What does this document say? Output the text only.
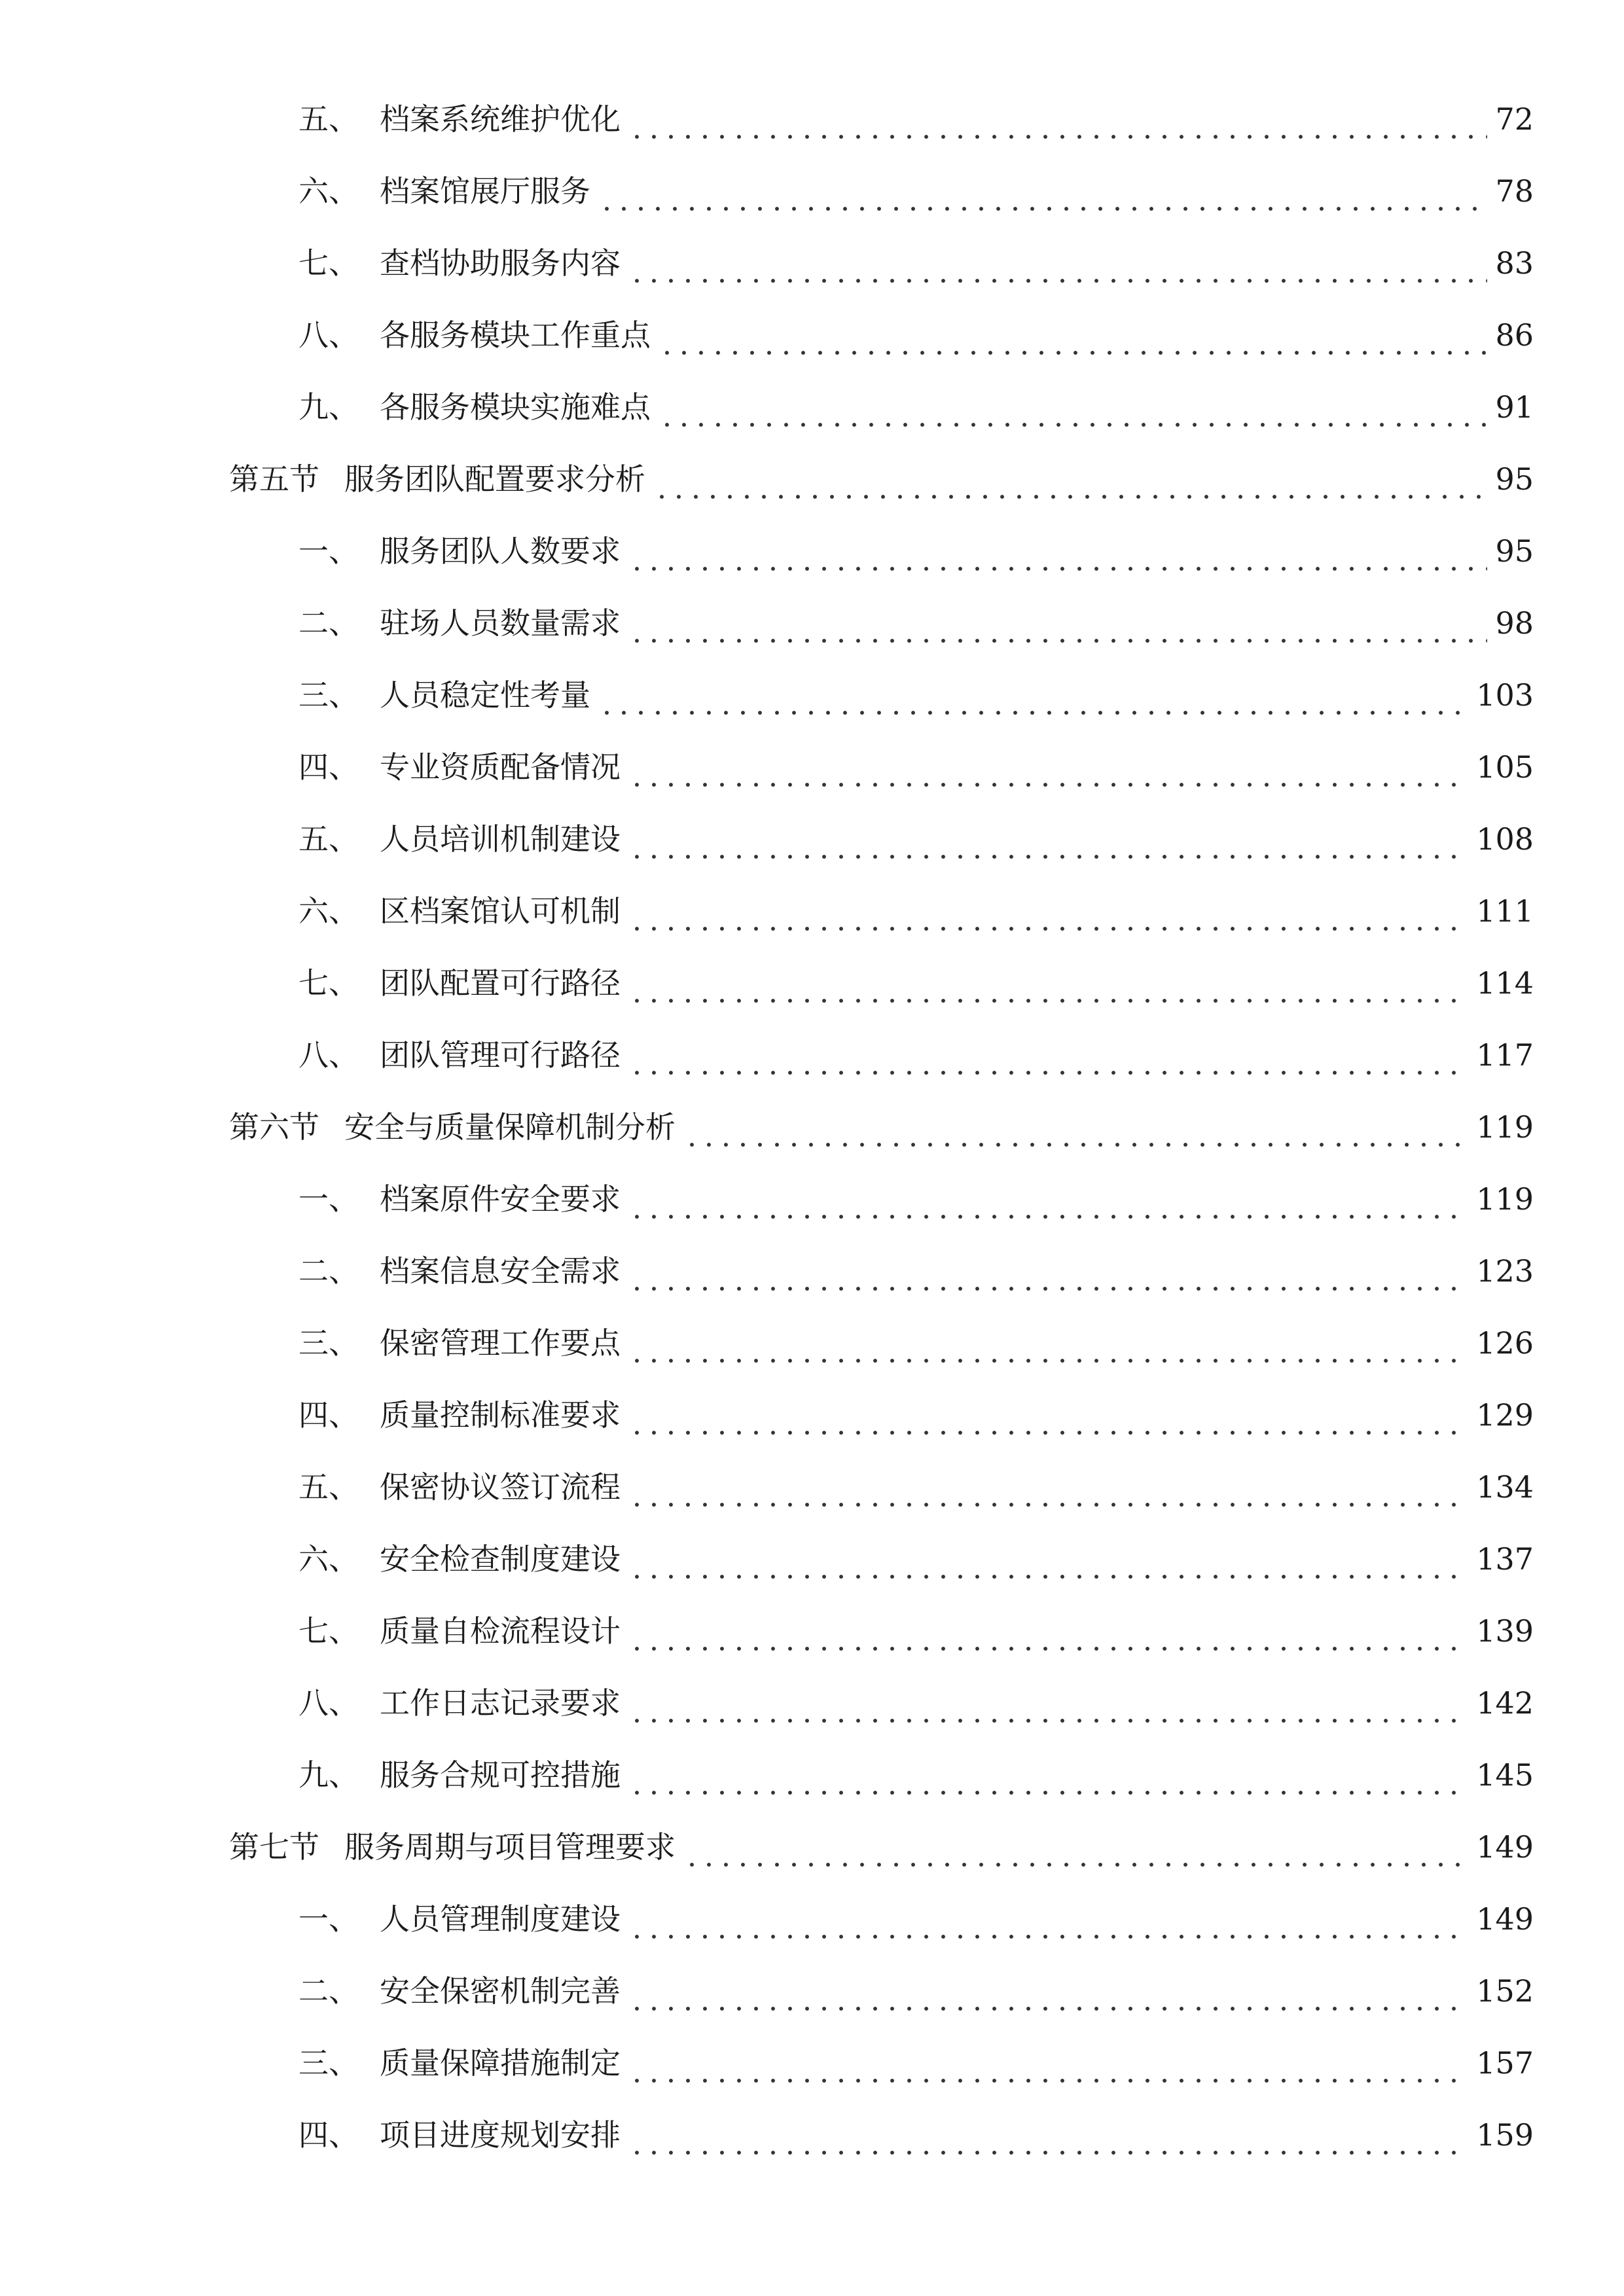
五、 档案系统维护优化	72
六、 档案馆展厅服务	78
七、 查档协助服务内容	83
八、 各服务模块工作重点	86
九、 各服务模块实施难点	91
第五节 服务团队配置要求分析	95
一、 服务团队人数要求	95
二、 驻场人员数量需求	98
三、 人员稳定性考量	103
四、 专业资质配备情况	105
五、 人员培训机制建设	108
六、 区档案馆认可机制	111
七、 团队配置可行路径	114
八、 团队管理可行路径	117
第六节 安全与质量保障机制分析	119
一、 档案原件安全要求	119
二、 档案信息安全需求	123
三、 保密管理工作要点	126
四、 质量控制标准要求	129
五、 保密协议签订流程	134
六、 安全检查制度建设	137
七、 质量自检流程设计	139
八、 工作日志记录要求	142
九、 服务合规可控措施	145
第七节 服务周期与项目管理要求	149
一、 人员管理制度建设	149
二、 安全保密机制完善	152
三、 质量保障措施制定	157
四、 项目进度规划安排	159
